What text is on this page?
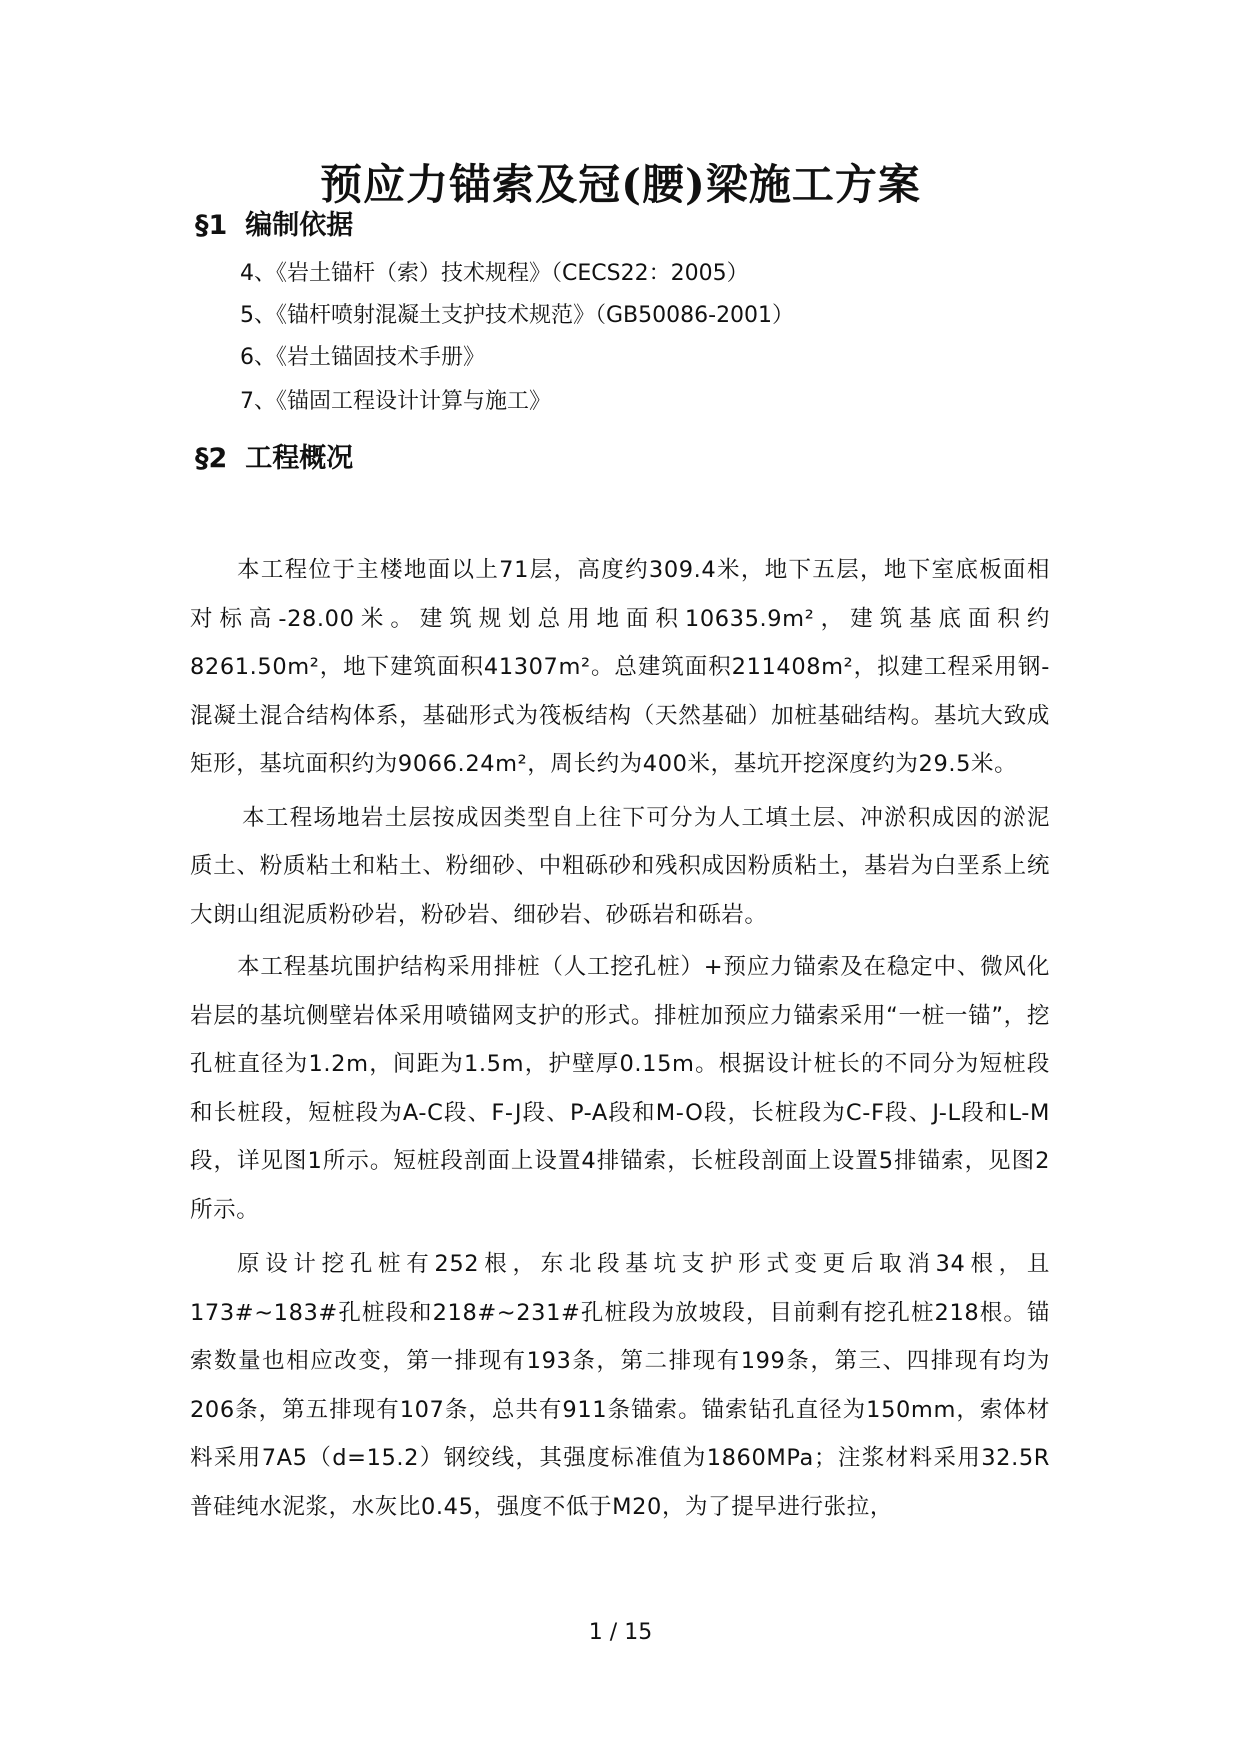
预应力锚索及冠(腰)梁施工方案
§1 编制依据

4、《岩土锚杆（索）技术规程》（CECS22：2005）

5、《锚杆喷射混凝土支护技术规范》（GB50086-2001）

6、《岩土锚固技术手册》

7、《锚固工程设计计算与施工》

§2 工程概况

本工程位于主楼地面以上71层，高度约309.4米，地下五层，地下室底板面相对标高-28.00米。建筑规划总用地面积10635.9m²，建筑基底面积约8261.50m²，地下建筑面积41307m²。总建筑面积211408m²，拟建工程采用钢-混凝土混合结构体系，基础形式为筏板结构（天然基础）加桩基础结构。基坑大致成矩形，基坑面积约为9066.24m²，周长约为400米，基坑开挖深度约为29.5米。

本工程场地岩土层按成因类型自上往下可分为人工填土层、冲淤积成因的淤泥质土、粉质粘土和粘土、粉细砂、中粗砾砂和残积成因粉质粘土，基岩为白垩系上统大朗山组泥质粉砂岩，粉砂岩、细砂岩、砂砾岩和砾岩。

本工程基坑围护结构采用排桩（人工挖孔桩）+预应力锚索及在稳定中、微风化岩层的基坑侧壁岩体采用喷锚网支护的形式。排桩加预应力锚索采用“一桩一锚”，挖孔桩直径为1.2m，间距为1.5m，护壁厚0.15m。根据设计桩长的不同分为短桩段和长桩段，短桩段为A-C段、F-J段、P-A段和M-O段，长桩段为C-F段、J-L段和L-M段，详见图1所示。短桩段剖面上设置4排锚索，长桩段剖面上设置5排锚索，见图2所示。

原设计挖孔桩有252根，东北段基坑支护形式变更后取消34根，且173#~183#孔桩段和218#~231#孔桩段为放坡段，目前剩有挖孔桩218根。锚索数量也相应改变，第一排现有193条，第二排现有199条，第三、四排现有均为206条，第五排现有107条，总共有911条锚索。锚索钻孔直径为150mm，索体材料采用7A5（d=15.2）钢绞线，其强度标准值为1860MPa；注浆材料采用32.5R普硅纯水泥浆，水灰比0.45，强度不低于M20，为了提早进行张拉，

1 / 15
